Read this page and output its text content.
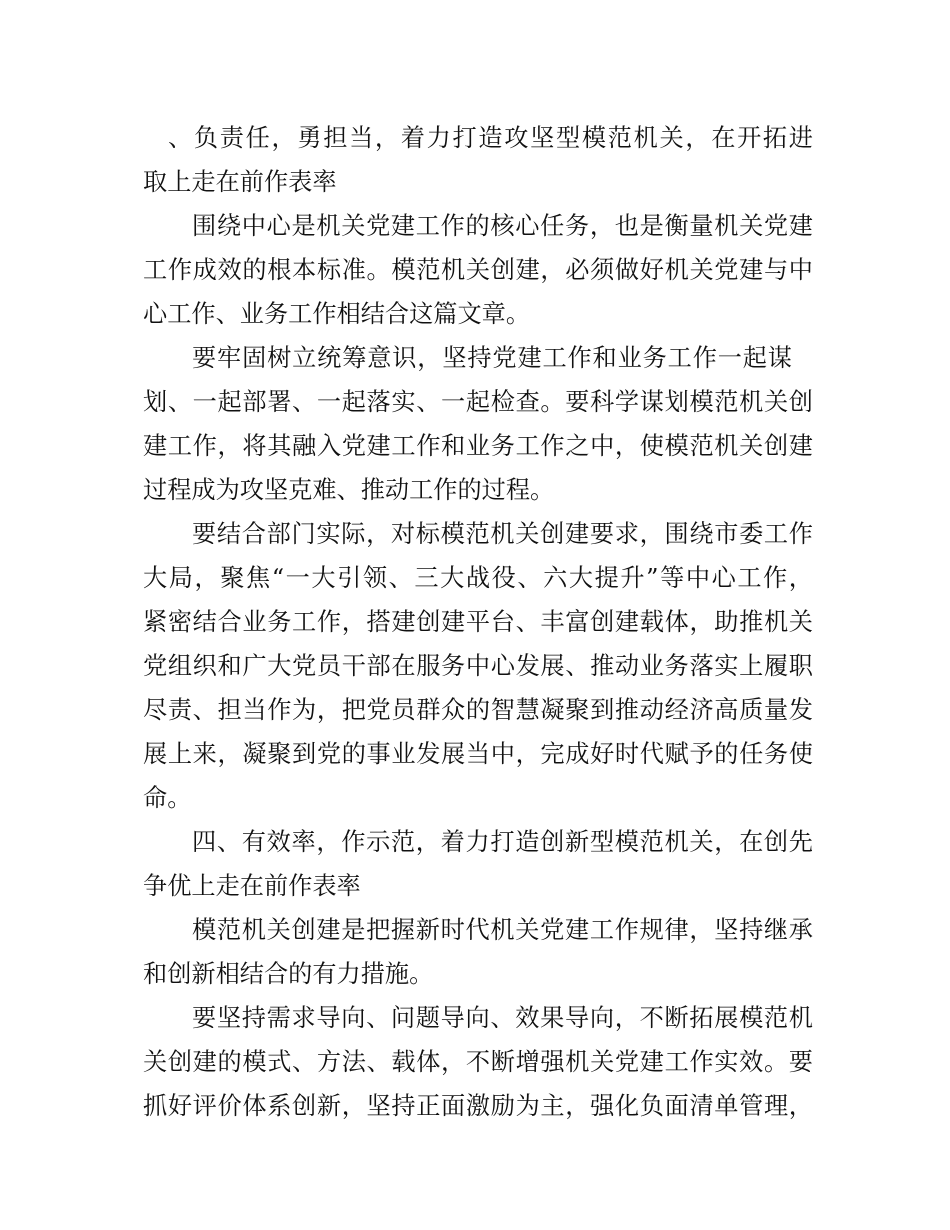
、负责任，勇担当，着力打造攻坚型模范机关，在开拓进
取上走在前作表率
围绕中心是机关党建工作的核心任务，也是衡量机关党建
工作成效的根本标准。模范机关创建，必须做好机关党建与中
心工作、业务工作相结合这篇文章。
要牢固树立统筹意识，坚持党建工作和业务工作一起谋
划、一起部署、一起落实、一起检查。要科学谋划模范机关创
建工作，将其融入党建工作和业务工作之中，使模范机关创建
过程成为攻坚克难、推动工作的过程。
要结合部门实际，对标模范机关创建要求，围绕市委工作
大局，聚焦“一大引领、三大战役、六大提升”等中心工作，
紧密结合业务工作，搭建创建平台、丰富创建载体，助推机关
党组织和广大党员干部在服务中心发展、推动业务落实上履职
尽责、担当作为，把党员群众的智慧凝聚到推动经济高质量发
展上来，凝聚到党的事业发展当中，完成好时代赋予的任务使
命。
四、有效率，作示范，着力打造创新型模范机关，在创先
争优上走在前作表率
模范机关创建是把握新时代机关党建工作规律，坚持继承
和创新相结合的有力措施。
要坚持需求导向、问题导向、效果导向，不断拓展模范机
关创建的模式、方法、载体，不断增强机关党建工作实效。要
抓好评价体系创新，坚持正面激励为主，强化负面清单管理，
